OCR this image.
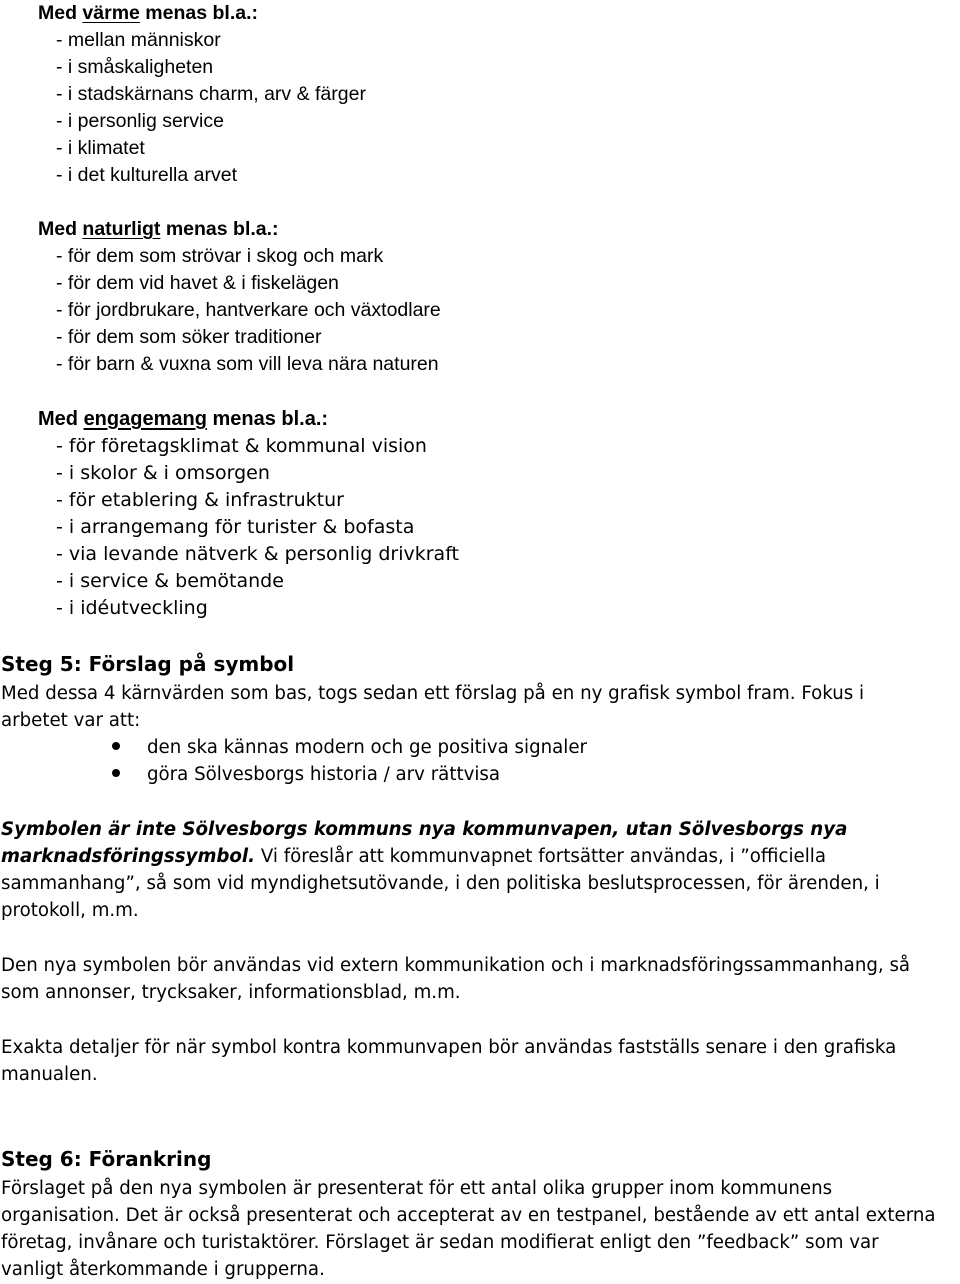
Med värme menas bl.a.:
- mellan människor
- i småskaligheten
- i stadskärnans charm, arv & färger
- i personlig service
- i klimatet
- i det kulturella arvet
Med naturligt menas bl.a.:
- för dem som strövar i skog och mark
- för dem vid havet & i fiskelägen
- för jordbrukare, hantverkare och växtodlare
- för dem som söker traditioner
- för barn & vuxna som vill leva nära naturen
Med engagemang menas bl.a.:
- för företagsklimat & kommunal vision
- i skolor & i omsorgen
- för etablering & infrastruktur
- i arrangemang för turister & bofasta
- via levande nätverk & personlig drivkraft
- i service & bemötande
- i idéutveckling
Steg 5: Förslag på symbol
Med dessa 4 kärnvärden som bas, togs sedan ett förslag på en ny grafisk symbol fram. Fokus i
arbetet var att:
den ska kännas modern och ge positiva signaler
göra Sölvesborgs historia / arv rättvisa
Symbolen är inte Sölvesborgs kommuns nya kommunvapen, utan Sölvesborgs nya
marknadsföringssymbol. Vi föreslår att kommunvapnet fortsätter användas, i ”officiella
sammanhang”, så som vid myndighetsutövande, i den politiska beslutsprocessen, för ärenden, i
protokoll, m.m.
Den nya symbolen bör användas vid extern kommunikation och i marknadsföringssammanhang, så
som annonser, trycksaker, informationsblad, m.m.
Exakta detaljer för när symbol kontra kommunvapen bör användas fastställs senare i den grafiska
manualen.
Steg 6: Förankring
Förslaget på den nya symbolen är presenterat för ett antal olika grupper inom kommunens
organisation. Det är också presenterat och accepterat av en testpanel, bestående av ett antal externa
företag, invånare och turistaktörer. Förslaget är sedan modifierat enligt den ”feedback” som var
vanligt återkommande i grupperna.
